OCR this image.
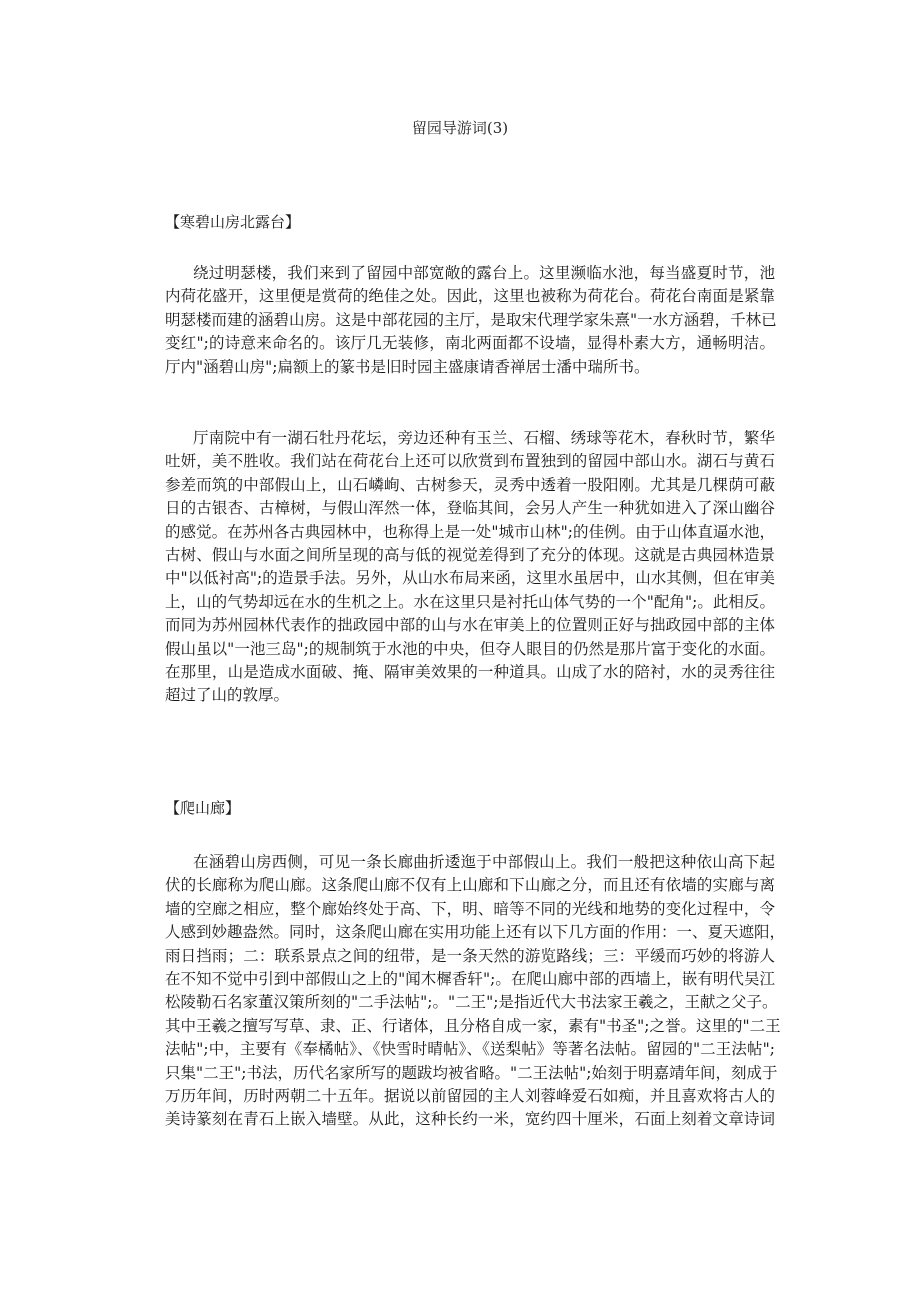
留园导游词(3)
【寒碧山房北露台】
绕过明瑟楼，我们来到了留园中部宽敞的露台上。这里濒临水池，每当盛夏时节，池
内荷花盛开，这里便是赏荷的绝佳之处。因此，这里也被称为荷花台。荷花台南面是紧靠
明瑟楼而建的涵碧山房。这是中部花园的主厅，是取宋代理学家朱熹"一水方涵碧，千林已
变红";的诗意来命名的。该厅几无装修，南北两面都不设墙，显得朴素大方，通畅明洁。
厅内"涵碧山房";扁额上的篆书是旧时园主盛康请香禅居士潘中瑞所书。
厅南院中有一湖石牡丹花坛，旁边还种有玉兰、石榴、绣球等花木，春秋时节，繁华
吐妍，美不胜收。我们站在荷花台上还可以欣赏到布置独到的留园中部山水。湖石与黄石
参差而筑的中部假山上，山石嶙峋、古树参天，灵秀中透着一股阳刚。尤其是几棵荫可蔽
日的古银杏、古樟树，与假山浑然一体，登临其间，会另人产生一种犹如进入了深山幽谷
的感觉。在苏州各古典园林中，也称得上是一处"城市山林";的佳例。由于山体直逼水池，
古树、假山与水面之间所呈现的高与低的视觉差得到了充分的体现。这就是古典园林造景
中"以低衬高";的造景手法。另外，从山水布局来函，这里水虽居中，山水其侧，但在审美
上，山的气势却远在水的生机之上。水在这里只是衬托山体气势的一个"配角";。此相反。
而同为苏州园林代表作的拙政园中部的山与水在审美上的位置则正好与拙政园中部的主体
假山虽以"一池三岛";的规制筑于水池的中央，但夺人眼目的仍然是那片富于变化的水面。
在那里，山是造成水面破、掩、隔审美效果的一种道具。山成了水的陪衬，水的灵秀往往
超过了山的敦厚。
【爬山廊】
在涵碧山房西侧，可见一条长廊曲折逶迤于中部假山上。我们一般把这种依山高下起
伏的长廊称为爬山廊。这条爬山廊不仅有上山廊和下山廊之分，而且还有依墙的实廊与离
墙的空廊之相应，整个廊始终处于高、下，明、暗等不同的光线和地势的变化过程中，令
人感到妙趣盎然。同时，这条爬山廊在实用功能上还有以下几方面的作用：一、夏天遮阳，
雨日挡雨；二：联系景点之间的纽带，是一条天然的游览路线；三：平缓而巧妙的将游人
在不知不觉中引到中部假山之上的"闻木樨香轩";。在爬山廊中部的西墙上，嵌有明代吴江
松陵勒石名家董汉策所刻的"二手法帖";。"二王";是指近代大书法家王羲之，王献之父子。
其中王羲之擅写写草、隶、正、行诸体，且分格自成一家，素有"书圣";之誉。这里的"二王
法帖";中，主要有《奉橘帖》、《快雪时晴帖》、《送梨帖》等著名法帖。留园的"二王法帖";
只集"二王";书法，历代名家所写的题跋均被省略。"二王法帖";始刻于明嘉靖年间，刻成于
万历年间，历时两朝二十五年。据说以前留园的主人刘蓉峰爱石如痴，并且喜欢将古人的
美诗篆刻在青石上嵌入墙壁。从此，这种长约一米，宽约四十厘米，石面上刻着文章诗词
